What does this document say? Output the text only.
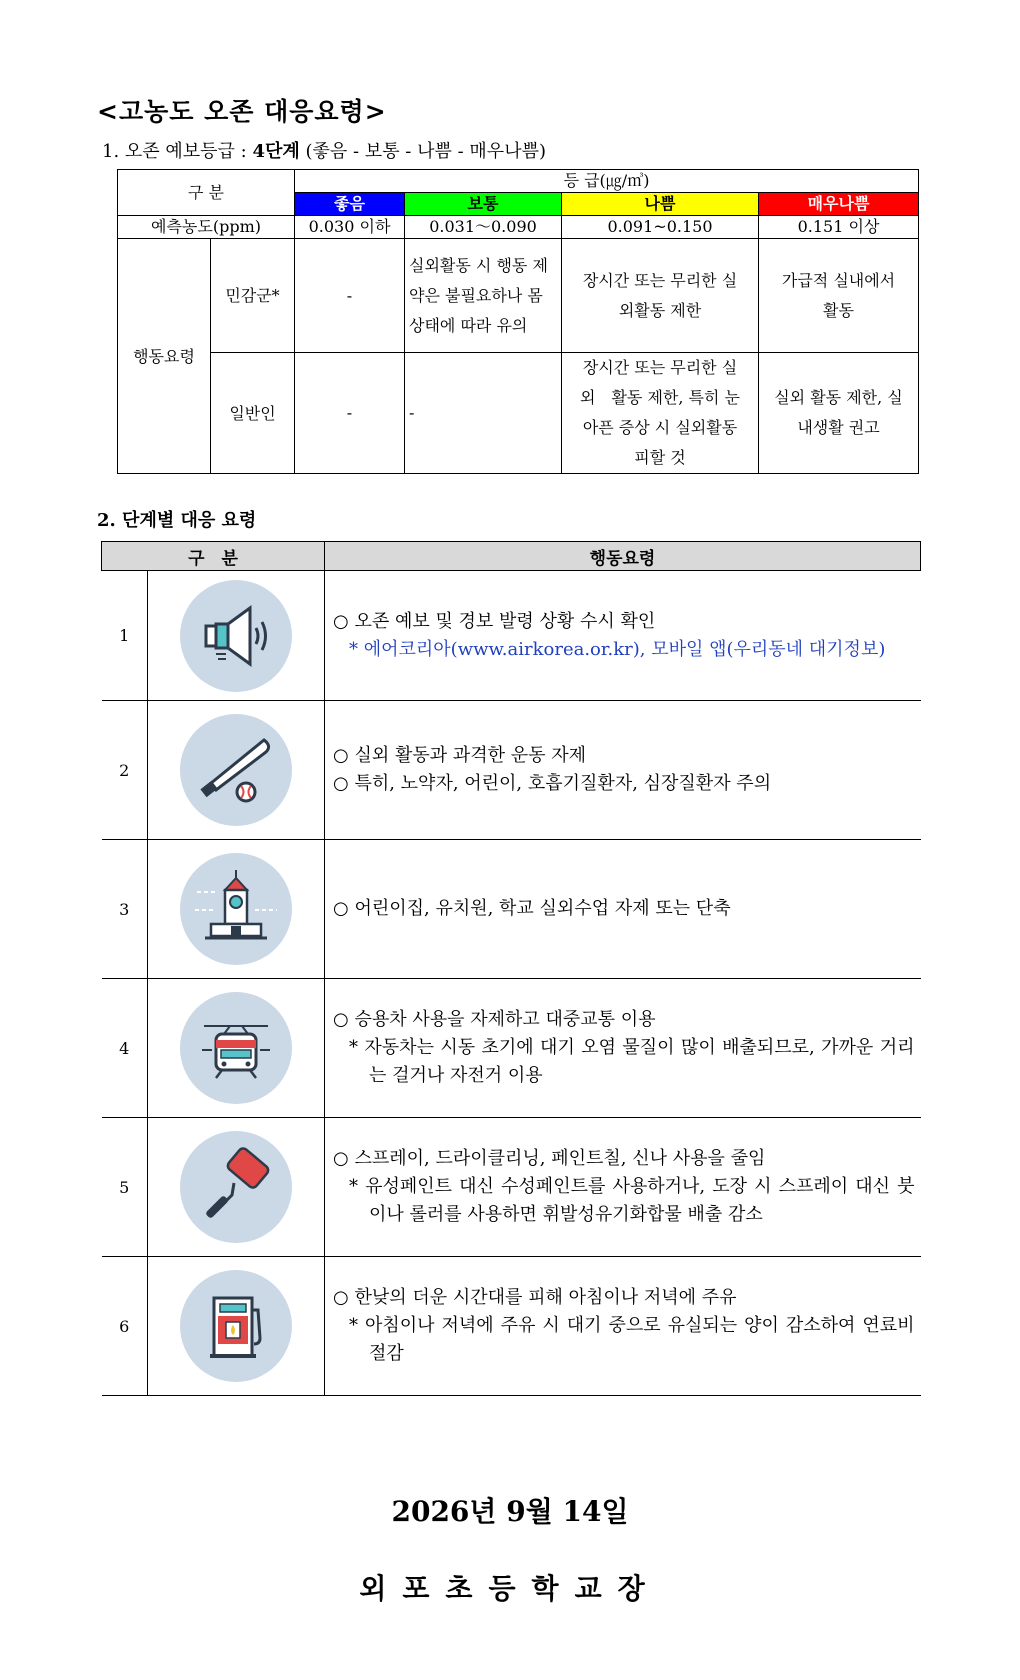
<고농도 오존 대응요령>
1. 오존 예보등급 : 4단계 (좋음 - 보통 - 나쁨 - 매우나쁨)
구 분		등 급(㎍/㎥)			
		좋음	보통	나쁨	매우나쁨
예측농도(ppm)		0.030 이하	0.031～0.090	0.091~0.150	0.151 이상
행동요령	민감군*	-	실외활동 시 행동 제약은 불필요하나 몸상태에 따라 유의	장시간 또는 무리한 실외활동 제한	가급적 실내에서 활동
	일반인	-	-	장시간 또는 무리한 실외　활동 제한, 특히 눈 아픈 증상 시 실외활동 피할 것	실외 활동 제한, 실내생활 권고
2. 단계별 대응 요령
구　분		행동요령
1		○ 오존 예보 및 경보 발령 상황 수시 확인
* 에어코리아(www.airkorea.or.kr), 모바일 앱(우리동네 대기정보)

2		○ 실외 활동과 과격한 운동 자제
○ 특히, 노약자, 어린이, 호흡기질환자, 심장질환자 주의

3		○ 어린이집, 유치원, 학교 실외수업 자제 또는 단축

4		○ 승용차 사용을 자제하고 대중교통 이용
* 자동차는 시동 초기에 대기 오염 물질이 많이 배출되므로, 가까운 거리는 걸거나 자전거 이용

5		○ 스프레이, 드라이클리닝, 페인트칠, 신나 사용을 줄임
* 유성페인트 대신 수성페인트를 사용하거나, 도장 시 스프레이 대신 붓이나 롤러를 사용하면 휘발성유기화합물 배출 감소

6		○ 한낮의 더운 시간대를 피해 아침이나 저녁에 주유
* 아침이나 저녁에 주유 시 대기 중으로 유실되는 양이 감소하여 연료비 절감
2026년 9월 14일
외포초등학교장
